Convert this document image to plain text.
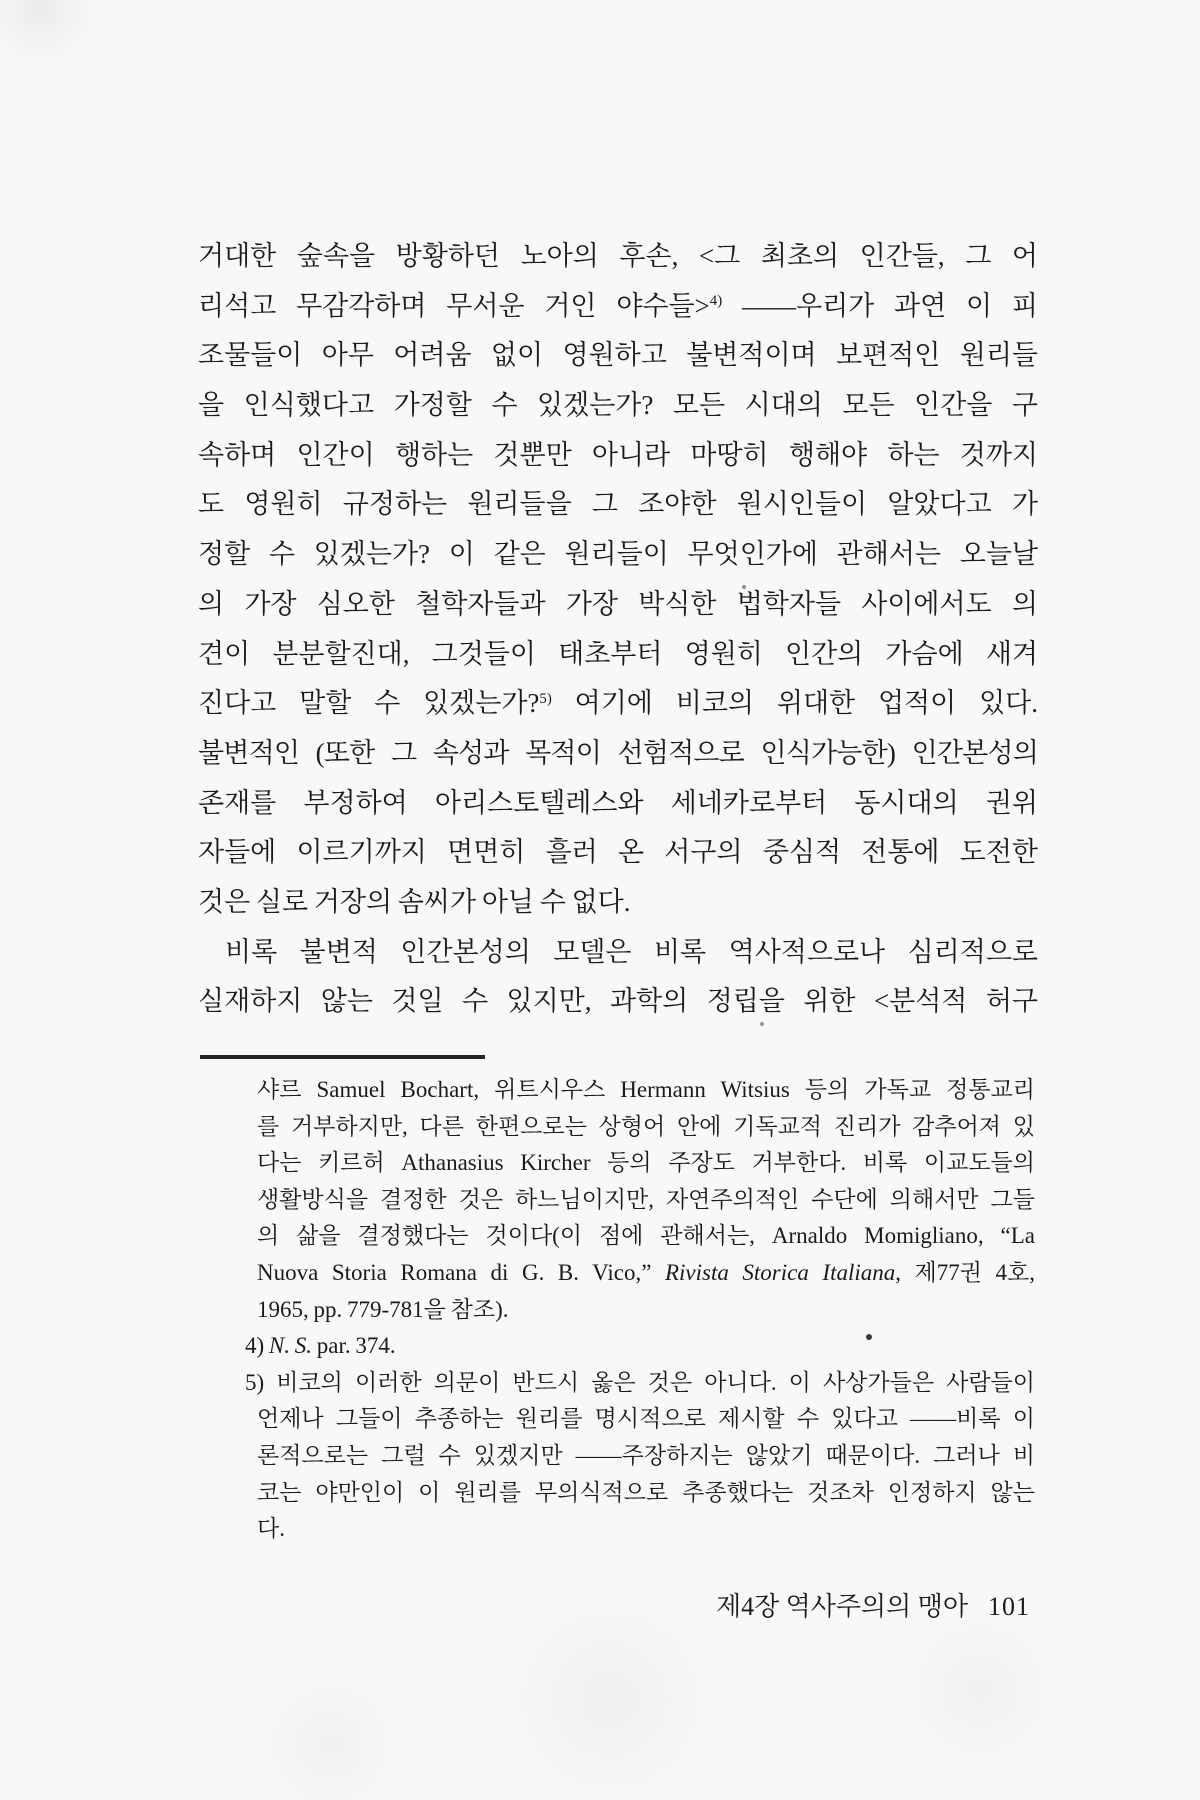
거대한 숲속을 방황하던 노아의 후손, <그 최초의 인간들, 그 어
리석고 무감각하며 무서운 거인 야수들>$^{4)}$ ——우리가 과연 이 피
조물들이 아무 어려움 없이 영원하고 불변적이며 보편적인 원리들
을 인식했다고 가정할 수 있겠는가? 모든 시대의 모든 인간을 구
속하며 인간이 행하는 것뿐만 아니라 마땅히 행해야 하는 것까지
도 영원히 규정하는 원리들을 그 조야한 원시인들이 알았다고 가
정할 수 있겠는가? 이 같은 원리들이 무엇인가에 관해서는 오늘날
의 가장 심오한 철학자들과 가장 박식한 법학자들 사이에서도 의
견이 분분할진대, 그것들이 태초부터 영원히 인간의 가슴에 새겨
진다고 말할 수 있겠는가?$^{5)}$ 여기에 비코의 위대한 업적이 있다.
불변적인 (또한 그 속성과 목적이 선험적으로 인식가능한) 인간본성의
존재를 부정하여 아리스토텔레스와 세네카로부터 동시대의 권위
자들에 이르기까지 면면히 흘러 온 서구의 중심적 전통에 도전한
것은 실로 거장의 솜씨가 아닐 수 없다.
비록 불변적 인간본성의 모델은 비록 역사적으로나 심리적으로
실재하지 않는 것일 수 있지만, 과학의 정립을 위한 <분석적 허구
샤르 Samuel Bochart, 위트시우스 Hermann Witsius 등의 가독교 정통교리
를 거부하지만, 다른 한편으로는 상형어 안에 기독교적 진리가 감추어져 있
다는 키르허 Athanasius Kircher 등의 주장도 거부한다. 비록 이교도들의
생활방식을 결정한 것은 하느님이지만, 자연주의적인 수단에 의해서만 그들
의 삶을 결정했다는 것이다(이 점에 관해서는, Arnaldo Momigliano, “La
Nuova Storia Romana di G. B. Vico,” Rivista Storica Italiana, 제77권 4호,
1965, pp. 779-781을 참조).
4) N. S. par. 374.
5) 비코의 이러한 의문이 반드시 옳은 것은 아니다. 이 사상가들은 사람들이
언제나 그들이 추종하는 원리를 명시적으로 제시할 수 있다고 ——비록 이
론적으로는 그럴 수 있겠지만 ——주장하지는 않았기 때문이다. 그러나 비
코는 야만인이 이 원리를 무의식적으로 추종했다는 것조차 인정하지 않는
다.
제4장 역사주의의 맹아 101
